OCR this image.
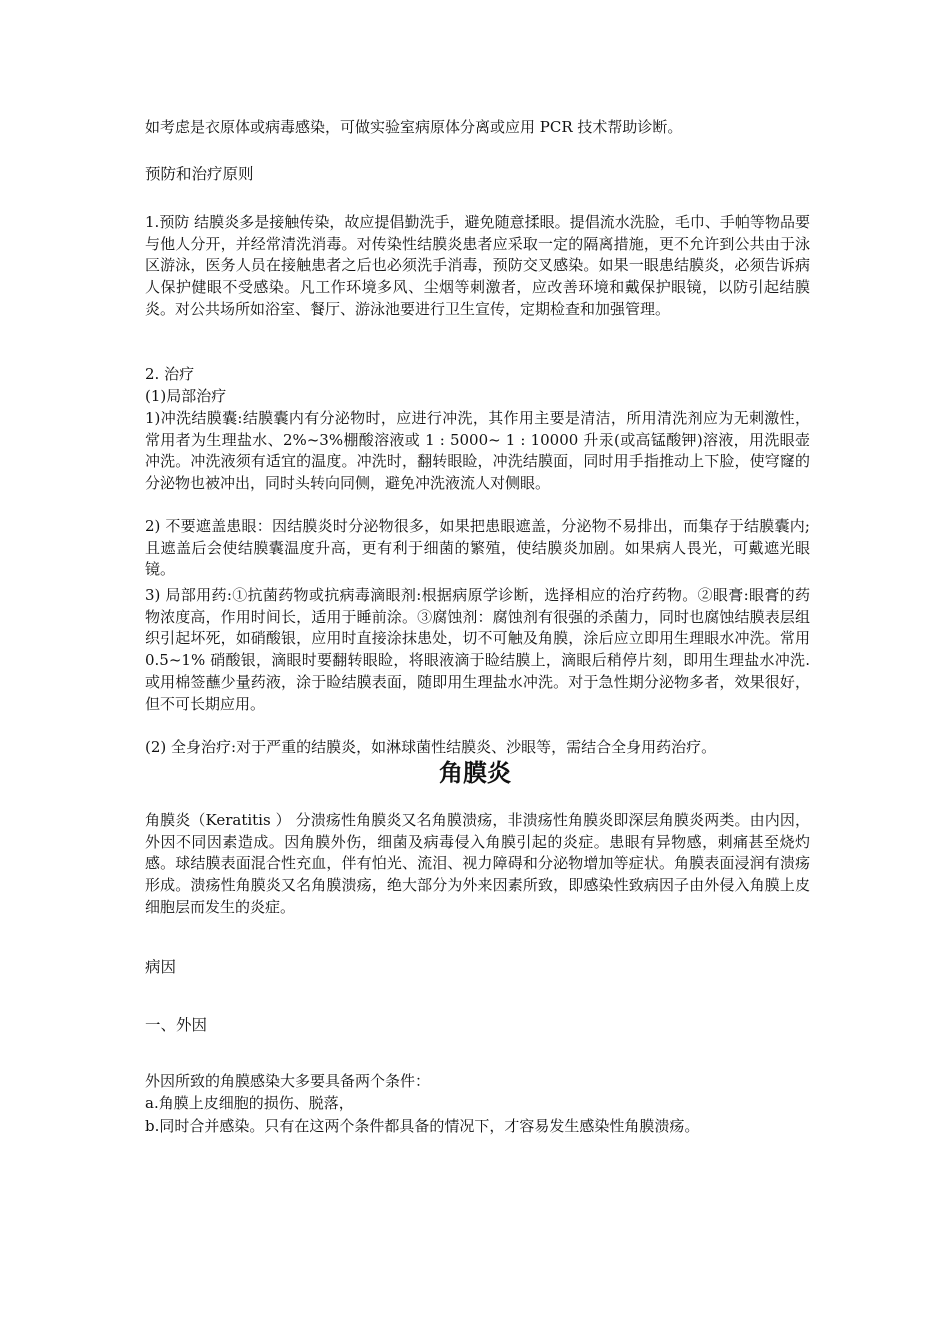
如考虑是衣原体或病毒感染，可做实验室病原体分离或应用 PCR 技术帮助诊断。

预防和治疗原则

1.预防 结膜炎多是接触传染，故应提倡勤洗手，避免随意揉眼。提倡流水洗脸，毛巾、手帕等物品要与他人分开，并经常清洗消毒。对传染性结膜炎患者应采取一定的隔离措施，更不允许到公共由于泳区游泳，医务人员在接触患者之后也必须洗手消毒，预防交叉感染。如果一眼患结膜炎，必须告诉病人保护健眼不受感染。凡工作环境多风、尘烟等刺激者，应改善环境和戴保护眼镜，以防引起结膜炎。对公共场所如浴室、餐厅、游泳池要进行卫生宣传，定期检查和加强管理。

2. 治疗

(1)局部治疗

1)冲洗结膜囊:结膜囊内有分泌物时，应进行冲洗，其作用主要是清洁，所用清洗剂应为无刺激性，常用者为生理盐水、2%~3%棚酸溶液或 1 : 5000~ 1 : 10000 升汞(或高锰酸钾)溶液，用洗眼壶冲洗。冲洗液须有适宜的温度。冲洗时，翻转眼睑，冲洗结膜面，同时用手指推动上下脸，使穹窿的分泌物也被冲出，同时头转向同侧，避免冲洗液流人对侧眼。

2) 不要遮盖患眼：因结膜炎时分泌物很多，如果把患眼遮盖，分泌物不易排出，而集存于结膜囊内;且遮盖后会使结膜囊温度升高，更有利于细菌的繁殖，使结膜炎加剧。如果病人畏光，可戴遮光眼镜。

3) 局部用药:①抗菌药物或抗病毒滴眼剂:根据病原学诊断，选择相应的治疗药物。②眼膏:眼膏的药物浓度高，作用时间长，适用于睡前涂。③腐蚀剂：腐蚀剂有很强的杀菌力，同时也腐蚀结膜表层组织引起坏死，如硝酸银，应用时直接涂抹患处，切不可触及角膜，涂后应立即用生理眼水冲洗。常用 0.5~1% 硝酸银，滴眼时要翻转眼睑，将眼液滴于睑结膜上，滴眼后稍停片刻，即用生理盐水冲洗.或用棉签蘸少量药液，涂于睑结膜表面，随即用生理盐水冲洗。对于急性期分泌物多者，效果很好，但不可长期应用。

(2) 全身治疗:对于严重的结膜炎，如淋球菌性结膜炎、沙眼等，需结合全身用药治疗。

角膜炎

角膜炎（Keratitis ） 分溃疡性角膜炎又名角膜溃疡，非溃疡性角膜炎即深层角膜炎两类。由内因，外因不同因素造成。因角膜外伤，细菌及病毒侵入角膜引起的炎症。患眼有异物感，刺痛甚至烧灼感。球结膜表面混合性充血，伴有怕光、流泪、视力障碍和分泌物增加等症状。角膜表面浸润有溃疡形成。溃疡性角膜炎又名角膜溃疡，绝大部分为外来因素所致，即感染性致病因子由外侵入角膜上皮细胞层而发生的炎症。

病因

一、外因

外因所致的角膜感染大多要具备两个条件：

a.角膜上皮细胞的损伤、脱落，

b.同时合并感染。只有在这两个条件都具备的情况下，才容易发生感染性角膜溃疡。
